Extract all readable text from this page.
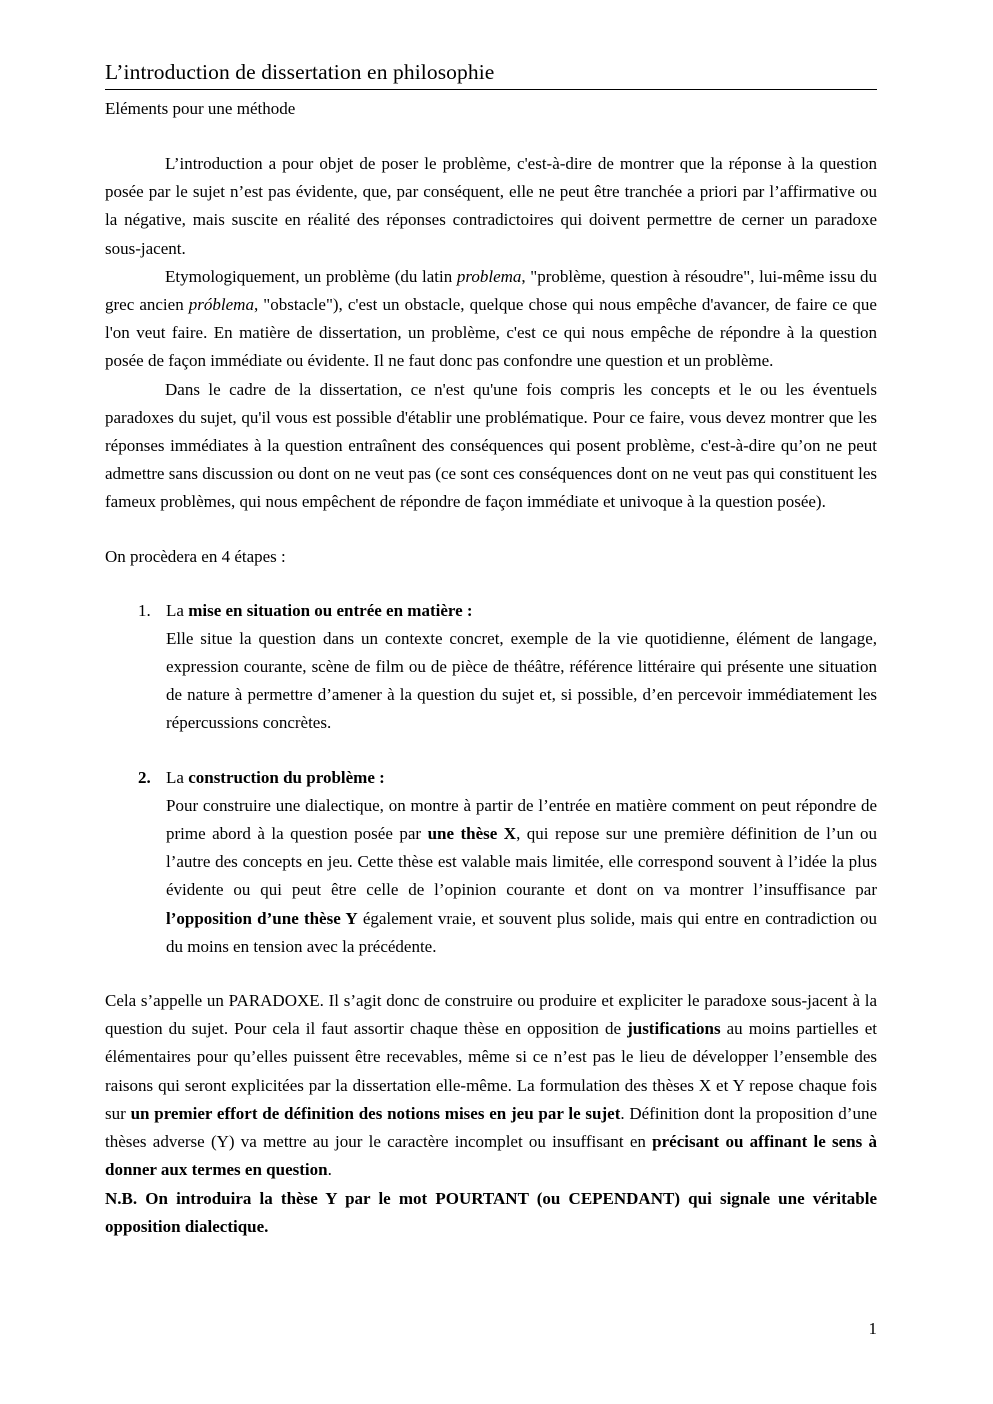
L’introduction de dissertation en philosophie
Eléments pour une méthode

L’introduction a pour objet de poser le problème, c'est-à-dire de montrer que la réponse à la question posée par le sujet n’est pas évidente, que, par conséquent, elle ne peut être tranchée a priori par l’affirmative ou la négative, mais suscite en réalité des réponses contradictoires qui doivent permettre de cerner un paradoxe sous-jacent.

Etymologiquement, un problème (du latin problema, "problème, question à résoudre", lui-même issu du grec ancien próblema, "obstacle"), c'est un obstacle, quelque chose qui nous empêche d'avancer, de faire ce que l'on veut faire. En matière de dissertation, un problème, c'est ce qui nous empêche de répondre à la question posée de façon immédiate ou évidente. Il ne faut donc pas confondre une question et un problème.

Dans le cadre de la dissertation, ce n'est qu'une fois compris les concepts et le ou les éventuels paradoxes du sujet, qu'il vous est possible d'établir une problématique. Pour ce faire, vous devez montrer que les réponses immédiates à la question entraînent des conséquences qui posent problème, c'est-à-dire qu’on ne peut admettre sans discussion ou dont on ne veut pas (ce sont ces conséquences dont on ne veut pas qui constituent les fameux problèmes, qui nous empêchent de répondre de façon immédiate et univoque à la question posée).

On procèdera en 4 étapes :

1. La mise en situation ou entrée en matière :
Elle situe la question dans un contexte concret, exemple de la vie quotidienne, élément de langage, expression courante, scène de film ou de pièce de théâtre, référence littéraire qui présente une situation de nature à permettre d’amener à la question du sujet et, si possible, d’en percevoir immédiatement les répercussions concrètes.
2. La construction du problème :
Pour construire une dialectique, on montre à partir de l’entrée en matière comment on peut répondre de prime abord à la question posée par une thèse X, qui repose sur une première définition de l’un ou l’autre des concepts en jeu. Cette thèse est valable mais limitée, elle correspond souvent à l’idée la plus évidente ou qui peut être celle de l’opinion courante et dont on va montrer l’insuffisance par l’opposition d’une thèse Y également vraie, et souvent plus solide, mais qui entre en contradiction ou du moins en tension avec la précédente.

Cela s’appelle un PARADOXE. Il s’agit donc de construire ou produire et expliciter le paradoxe sous-jacent à la question du sujet. Pour cela il faut assortir chaque thèse en opposition de justifications au moins partielles et élémentaires pour qu’elles puissent être recevables, même si ce n’est pas le lieu de développer l’ensemble des raisons qui seront explicitées par la dissertation elle-même. La formulation des thèses X et Y repose chaque fois sur un premier effort de définition des notions mises en jeu par le sujet. Définition dont la proposition d’une thèses adverse (Y) va mettre au jour le caractère incomplet ou insuffisant en précisant ou affinant le sens à donner aux termes en question.

N.B. On introduira la thèse Y par le mot POURTANT (ou CEPENDANT) qui signale une véritable opposition dialectique.

1
